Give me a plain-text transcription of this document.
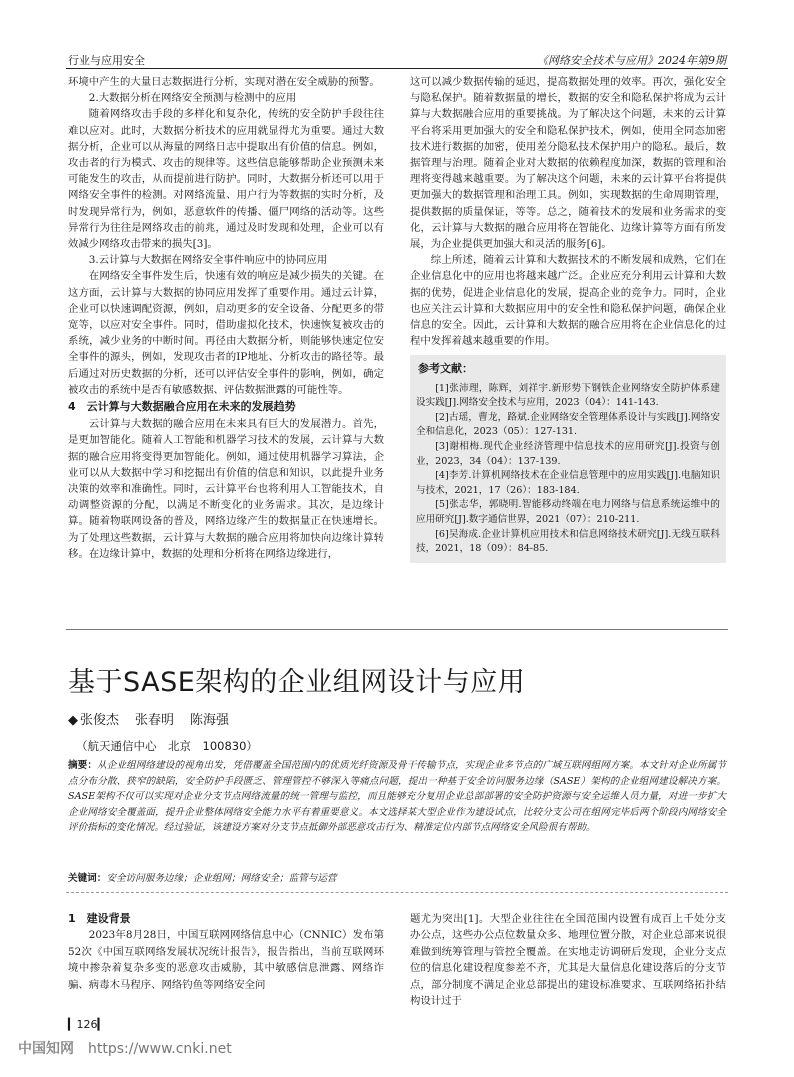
行业与应用安全	《网络安全技术与应用》2024年第9期

环境中产生的大量日志数据进行分析，实现对潜在安全威胁的预警。

2.大数据分析在网络安全预测与检测中的应用

随着网络攻击手段的多样化和复杂化，传统的安全防护手段往往难以应对。此时，大数据分析技术的应用就显得尤为重要。通过大数据分析，企业可以从海量的网络日志中提取出有价值的信息。例如，攻击者的行为模式、攻击的规律等。这些信息能够帮助企业预测未来可能发生的攻击，从而提前进行防护。同时，大数据分析还可以用于网络安全事件的检测。对网络流量、用户行为等数据的实时分析，及时发现异常行为，例如，恶意软件的传播、僵尸网络的活动等。这些异常行为往往是网络攻击的前兆，通过及时发现和处理，企业可以有效减少网络攻击带来的损失[3]。

3.云计算与大数据在网络安全事件响应中的协同应用

在网络安全事件发生后，快速有效的响应是减少损失的关键。在这方面，云计算与大数据的协同应用发挥了重要作用。通过云计算，企业可以快速调配资源，例如，启动更多的安全设备、分配更多的带宽等，以应对安全事件。同时，借助虚拟化技术，快速恢复被攻击的系统，减少业务的中断时间。再径由大数据分析，则能够快速定位安全事件的源头，例如，发现攻击者的IP地址、分析攻击的路径等。最后通过对历史数据的分析，还可以评估安全事件的影响，例如，确定被攻击的系统中是否有敏感数据、评估数据泄露的可能性等。

4　云计算与大数据融合应用在未来的发展趋势

云计算与大数据的融合应用在未来具有巨大的发展潜力。首先，是更加智能化。随着人工智能和机器学习技术的发展，云计算与大数据的融合应用将变得更加智能化。例如，通过使用机器学习算法，企业可以从大数据中学习和挖掘出有价值的信息和知识，以此提升业务决策的效率和准确性。同时，云计算平台也将利用人工智能技术，自动调整资源的分配，以满足不断变化的业务需求。其次，是边缘计算。随着物联网设备的普及，网络边缘产生的数据量正在快速增长。为了处理这些数据，云计算与大数据的融合应用将加快向边缘计算转移。在边缘计算中，数据的处理和分析将在网络边缘进行，

这可以减少数据传输的延迟，提高数据处理的效率。再次，强化安全与隐私保护。随着数据量的增长，数据的安全和隐私保护将成为云计算与大数据融合应用的重要挑战。为了解决这个问题，未来的云计算平台将采用更加强大的安全和隐私保护技术，例如，使用全同态加密技术进行数据的加密，使用差分隐私技术保护用户的隐私。最后，数据管理与治理。随着企业对大数据的依赖程度加深，数据的管理和治理将变得越来越重要。为了解决这个问题，未来的云计算平台将提供更加强大的数据管理和治理工具。例如，实现数据的生命周期管理，提供数据的质量保证，等等。总之，随着技术的发展和业务需求的变化，云计算与大数据的融合应用将在智能化、边缘计算等方面有所发展，为企业提供更加强大和灵活的服务[6]。

综上所述，随着云计算和大数据技术的不断发展和成熟，它们在企业信息化中的应用也将越来越广泛。企业应充分利用云计算和大数据的优势，促进企业信息化的发展，提高企业的竞争力。同时，企业也应关注云计算和大数据应用中的安全性和隐私保护问题，确保企业信息的安全。因此，云计算和大数据的融合应用将在企业信息化的过程中发挥着越来越重要的作用。

参考文献：

[1]张沛理，陈辉，刘祥宇.新形势下钢铁企业网络安全防护体系建设实践[J].网络安全技术与应用，2023（04）：141-143.

[2]古瑶，曹龙，路斌.企业网络安全管理体系设计与实践[J].网络安全和信息化，2023（05）：127-131.

[3]谢相梅.现代企业经济管理中信息技术的应用研究[J].投资与创业，2023，34（04）：137-139.

[4]李芳.计算机网络技术在企业信息管理中的应用实践[J].电脑知识与技术，2021，17（26）：183-184.

[5]张志华，郭晓明.智能移动终端在电力网络与信息系统运维中的应用研究[J].数字通信世界，2021（07）：210-211.

[6]吴海成.企业计算机应用技术和信息网络技术研究[J].无线互联科技，2021，18（09）：84-85.

基于SASE架构的企业组网设计与应用
◆ 张俊杰 张春明 陈海强
（航天通信中心　北京　100830）
摘要：从企业组网络建设的视角出发，凭借覆盖全国范围内的优质光纤资源及骨干传输节点，实现企业多节点的广域互联网组网方案。本文针对企业所属节点分布分散、狭窄的缺陷，安全防护手段匮乏、管理管控不够深入等痛点问题，提出一种基于安全访问服务边缘（SASE）架构的企业组网建设解决方案。SASE架构不仅可以实现对企业分支节点网络流量的统一管理与监控，而且能够充分复用企业总部部署的安全防护资源与安全运维人员力量，对进一步扩大企业网络安全覆盖面，提升企业整体网络安全能力水平有着重要意义。本文选择某大型企业作为建设试点，比较分支公司在组网完毕后两个阶段内网络安全评价指标的变化情况。经过验证，该建设方案对分支节点抵御外部恶意攻击行为、精准定位内部节点网络安全风险很有帮助。
关键词：安全访问服务边缘；企业组网；网络安全；监管与运营

1　建设背景

2023年8月28日，中国互联网网络信息中心（CNNIC）发布第52次《中国互联网络发展状况统计报告》，报告指出，当前互联网环境中掺杂着复杂多变的恶意攻击威胁，其中敏感信息泄露、网络诈骗、病毒木马程序、网络钓鱼等网络安全问

题尤为突出[1]。大型企业往往在全国范围内设置有成百上千处分支办公点，这些办公点位数量众多、地理位置分散，对企业总部来说很难做到统筹管理与管控全覆盖。在实地走访调研后发现，企业分支点位的信息化建设程度参差不齐，尤其是大量信息化建设落后的分支节点，部分制度不满足企业总部提出的建设标准要求、互联网络拓扑结构设计过于

▎126▎
中国知网 https://www.cnki.net
